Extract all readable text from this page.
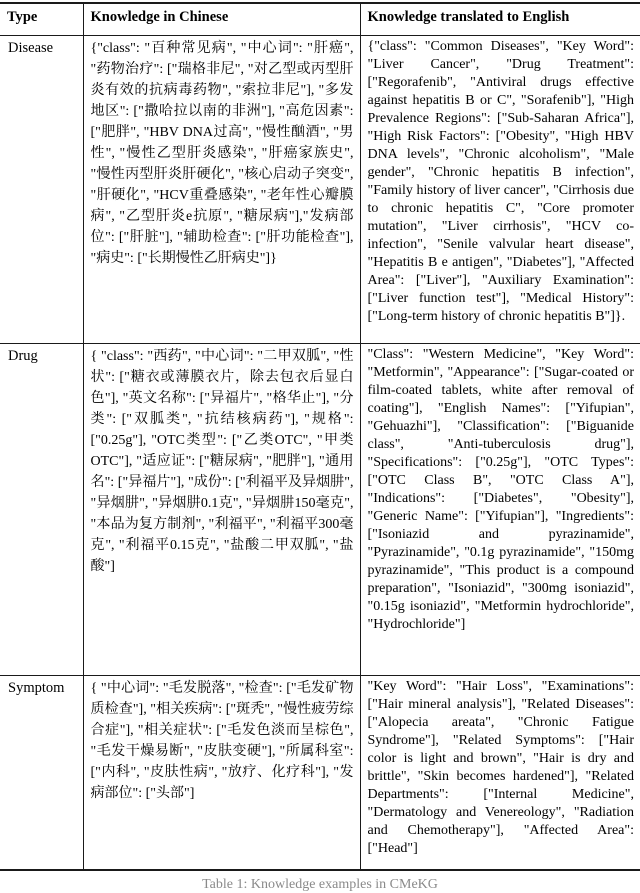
Type	Knowledge in Chinese	Knowledge translated to English
Disease	{"class": "百种常见病", "中心词": "肝癌", "药物治疗": ["瑞格非尼", "对乙型或丙型肝炎有效的抗病毒药物", "索拉非尼"], "多发地区": ["撒哈拉以南的非洲"], "高危因素": ["肥胖", "HBV DNA过高", "慢性酗酒", "男性", "慢性乙型肝炎感染", "肝癌家族史", "慢性丙型肝炎肝硬化", "核心启动子突变", "肝硬化", "HCV重叠感染", "老年性心瓣膜病", "乙型肝炎e抗原", "糖尿病"],"发病部位": ["肝脏"], "辅助检查": ["肝功能检查"], "病史": ["长期慢性乙肝病史"]}	{"class": "Common Diseases", "Key Word": "Liver Cancer", "Drug Treatment": ["Regorafenib", "Antiviral drugs effective against hepatitis B or C", "Sorafenib"], "High Prevalence Regions": ["Sub-Saharan Africa"], "High Risk Factors": ["Obesity", "High HBV DNA levels", "Chronic alcoholism", "Male gender", "Chronic hepatitis B infection", "Family history of liver cancer", "Cirrhosis due to chronic hepatitis C", "Core promoter mutation", "Liver cirrhosis", "HCV co-infection", "Senile valvular heart disease", "Hepatitis B e antigen", "Diabetes"], "Affected Area": ["Liver"], "Auxiliary Examination": ["Liver function test"], "Medical History": ["Long-term history of chronic hepatitis B"]}.
Drug	{ "class": "西药", "中心词": "二甲双胍", "性状": ["糖衣或薄膜衣片，除去包衣后显白色"], "英文名称": ["异福片", "格华止"], "分类": ["双胍类", "抗结核病药"], "规格": ["0.25g"], "OTC类型": ["乙类OTC", "甲类OTC"], "适应证": ["糖尿病", "肥胖"], "通用名": ["异福片"], "成份": ["利福平及异烟肼", "异烟肼", "异烟肼0.1克", "异烟肼150毫克", "本品为复方制剂", "利福平", "利福平300毫克", "利福平0.15克", "盐酸二甲双胍", "盐酸"]	"Class": "Western Medicine", "Key Word": "Metformin", "Appearance": ["Sugar-coated or film-coated tablets, white after removal of coating"], "English Names": ["Yifupian", "Gehuazhi"], "Classification": ["Biguanide class", "Anti-tuberculosis drug"], "Specifications": ["0.25g"], "OTC Types": ["OTC Class B", "OTC Class A"], "Indications": ["Diabetes", "Obesity"], "Generic Name": ["Yifupian"], "Ingredients": ["Isoniazid and pyrazinamide", "Pyrazinamide", "0.1g pyrazinamide", "150mg pyrazinamide", "This product is a compound preparation", "Isoniazid", "300mg isoniazid", "0.15g isoniazid", "Metformin hydrochloride", "Hydrochloride"]
Symptom	{ "中心词": "毛发脱落", "检查": ["毛发矿物质检查"], "相关疾病": ["斑秃", "慢性疲劳综合症"], "相关症状": ["毛发色淡而呈棕色", "毛发干燥易断", "皮肤变硬"], "所属科室": ["内科", "皮肤性病", "放疗、化疗科"], "发病部位": ["头部"]	"Key Word": "Hair Loss", "Examinations": ["Hair mineral analysis"], "Related Diseases": ["Alopecia areata", "Chronic Fatigue Syndrome"], "Related Symptoms": ["Hair color is light and brown", "Hair is dry and brittle", "Skin becomes hardened"], "Related Departments": ["Internal Medicine", "Dermatology and Venereology", "Radiation and Chemotherapy"], "Affected Area": ["Head"]
Table 1: Knowledge examples in CMeKG
